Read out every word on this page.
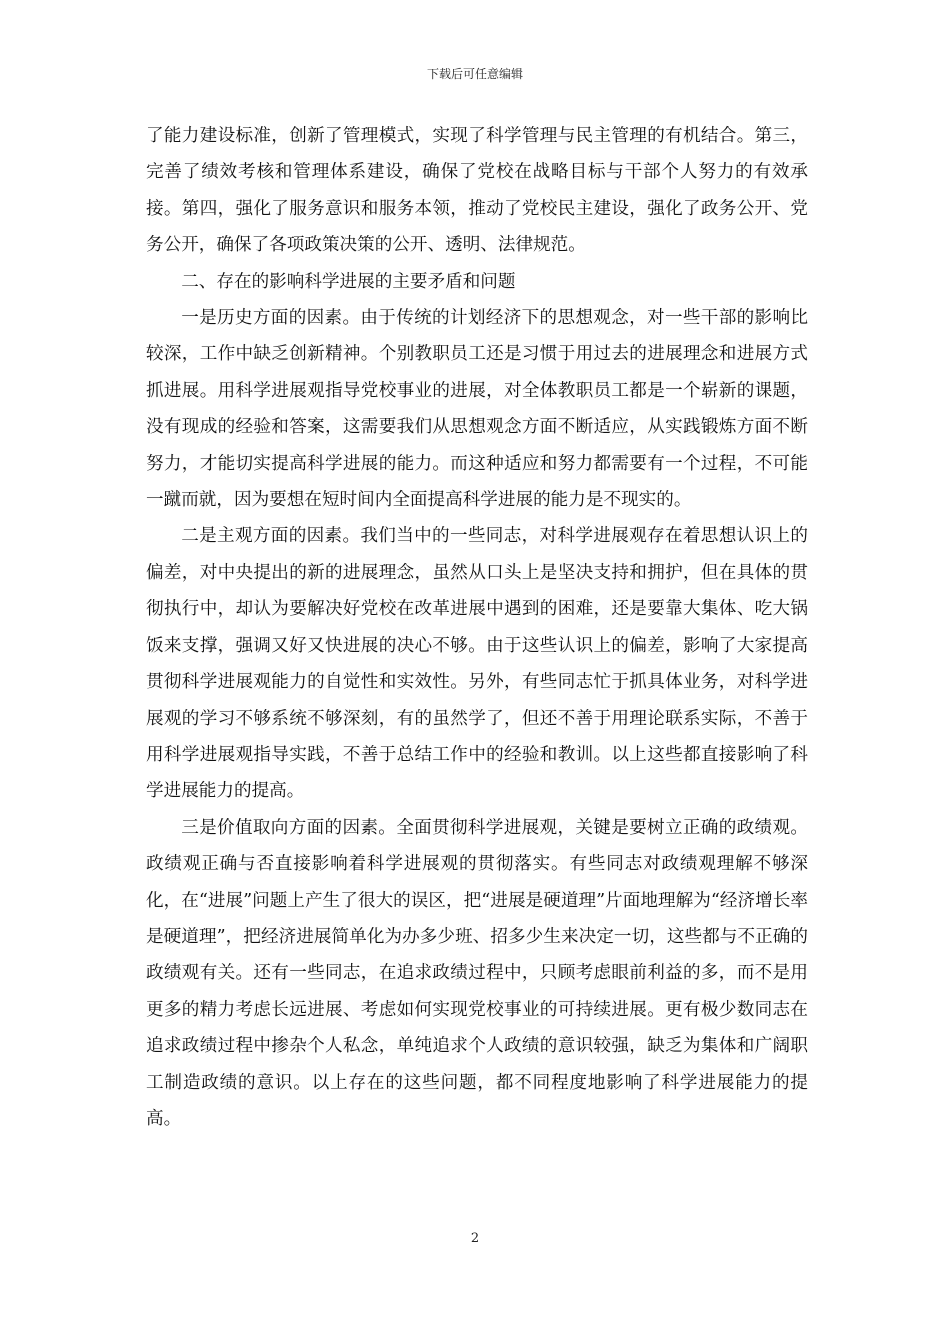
下载后可任意编辑

了能力建设标准，创新了管理模式，实现了科学管理与民主管理的有机结合。第三，完善了绩效考核和管理体系建设，确保了党校在战略目标与干部个人努力的有效承接。第四，强化了服务意识和服务本领，推动了党校民主建设，强化了政务公开、党务公开，确保了各项政策决策的公开、透明、法律规范。

二、存在的影响科学进展的主要矛盾和问题

一是历史方面的因素。由于传统的计划经济下的思想观念，对一些干部的影响比较深，工作中缺乏创新精神。个别教职员工还是习惯于用过去的进展理念和进展方式抓进展。用科学进展观指导党校事业的进展，对全体教职员工都是一个崭新的课题，没有现成的经验和答案，这需要我们从思想观念方面不断适应，从实践锻炼方面不断努力，才能切实提高科学进展的能力。而这种适应和努力都需要有一个过程，不可能一蹴而就，因为要想在短时间内全面提高科学进展的能力是不现实的。

二是主观方面的因素。我们当中的一些同志，对科学进展观存在着思想认识上的偏差，对中央提出的新的进展理念，虽然从口头上是坚决支持和拥护，但在具体的贯彻执行中，却认为要解决好党校在改革进展中遇到的困难，还是要靠大集体、吃大锅饭来支撑，强调又好又快进展的决心不够。由于这些认识上的偏差，影响了大家提高贯彻科学进展观能力的自觉性和实效性。另外，有些同志忙于抓具体业务，对科学进展观的学习不够系统不够深刻，有的虽然学了，但还不善于用理论联系实际，不善于用科学进展观指导实践，不善于总结工作中的经验和教训。以上这些都直接影响了科学进展能力的提高。

三是价值取向方面的因素。全面贯彻科学进展观，关键是要树立正确的政绩观。政绩观正确与否直接影响着科学进展观的贯彻落实。有些同志对政绩观理解不够深化，在“进展”问题上产生了很大的误区，把“进展是硬道理”片面地理解为“经济增长率是硬道理”，把经济进展简单化为办多少班、招多少生来决定一切，这些都与不正确的政绩观有关。还有一些同志，在追求政绩过程中，只顾考虑眼前利益的多，而不是用更多的精力考虑长远进展、考虑如何实现党校事业的可持续进展。更有极少数同志在追求政绩过程中掺杂个人私念，单纯追求个人政绩的意识较强，缺乏为集体和广阔职工制造政绩的意识。以上存在的这些问题，都不同程度地影响了科学进展能力的提高。

2
